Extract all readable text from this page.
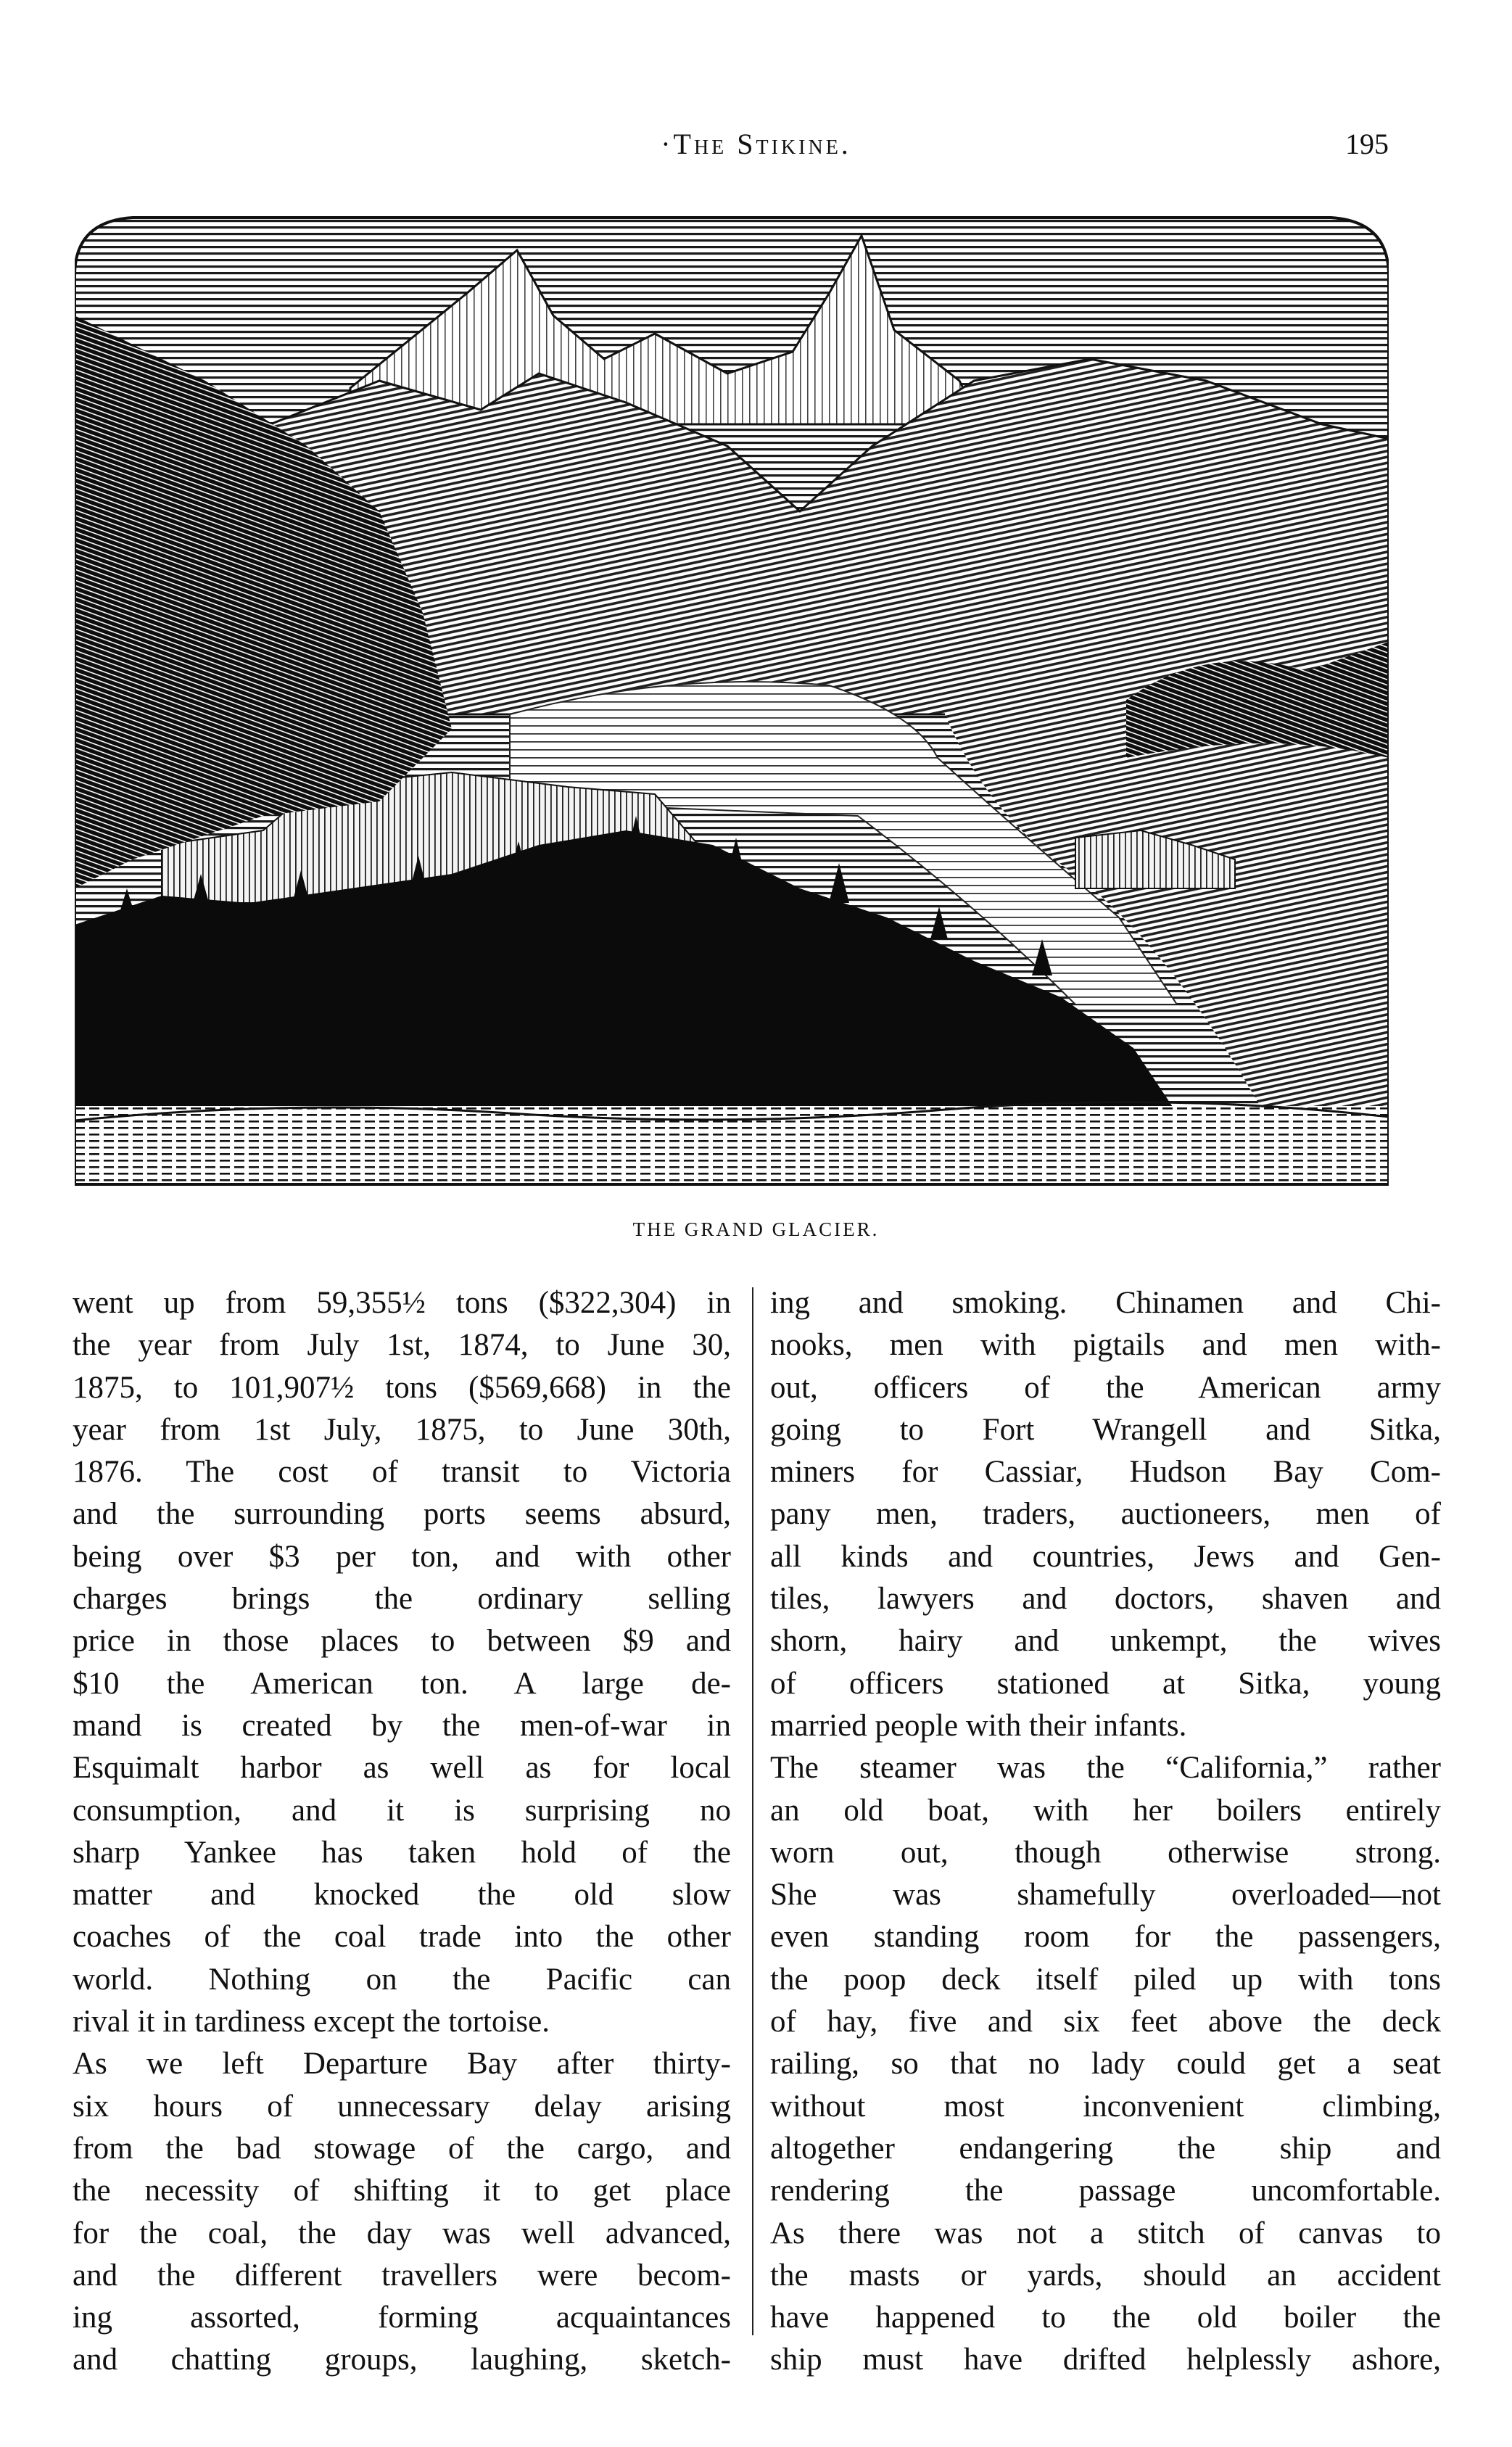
·The Stikine.	195
THE GRAND GLACIER.
went up from 59,355½ tons ($322,304) in
the year from July 1st, 1874, to June 30,
1875, to 101,907½ tons ($569,668) in the
year from 1st July, 1875, to June 30th,
1876. The cost of transit to Victoria
and the surrounding ports seems absurd,
being over $3 per ton, and with other
charges brings the ordinary selling
price in those places to between $9 and
$10 the American ton. A large de-
mand is created by the men-of-war in
Esquimalt harbor as well as for local
consumption, and it is surprising no
sharp Yankee has taken hold of the
matter and knocked the old slow
coaches of the coal trade into the other
world. Nothing on the Pacific can
rival it in tardiness except the tortoise.
As we left Departure Bay after thirty-
six hours of unnecessary delay arising
from the bad stowage of the cargo, and
the necessity of shifting it to get place
for the coal, the day was well advanced,
and the different travellers were becom-
ing assorted, forming acquaintances
and chatting groups, laughing, sketch-
ing and smoking. Chinamen and Chi-
nooks, men with pigtails and men with-
out, officers of the American army
going to Fort Wrangell and Sitka,
miners for Cassiar, Hudson Bay Com-
pany men, traders, auctioneers, men of
all kinds and countries, Jews and Gen-
tiles, lawyers and doctors, shaven and
shorn, hairy and unkempt, the wives
of officers stationed at Sitka, young
married people with their infants.
The steamer was the “California,” rather
an old boat, with her boilers entirely
worn out, though otherwise strong.
She was shamefully overloaded—not
even standing room for the passengers,
the poop deck itself piled up with tons
of hay, five and six feet above the deck
railing, so that no lady could get a seat
without most inconvenient climbing,
altogether endangering the ship and
rendering the passage uncomfortable.
As there was not a stitch of canvas to
the masts or yards, should an accident
have happened to the old boiler the
ship must have drifted helplessly ashore,
